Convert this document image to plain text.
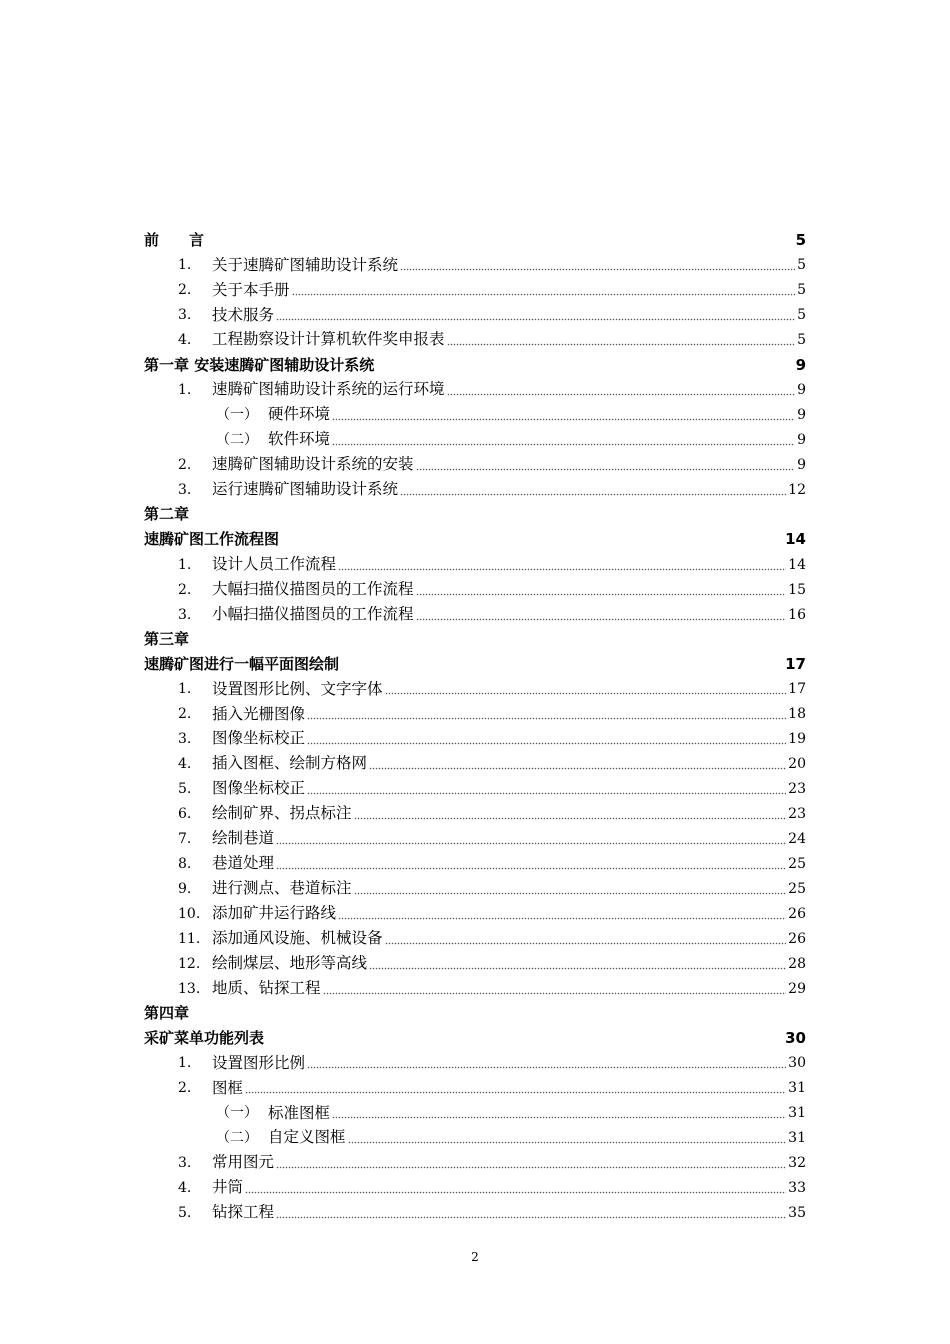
前　　言	5
1.	关于速腾矿图辅助设计系统	5
2.	关于本手册	5
3.	技术服务	5
4.	工程勘察设计计算机软件奖申报表	5
第一章 安装速腾矿图辅助设计系统	9
1.	速腾矿图辅助设计系统的运行环境	9
（一） 硬件环境	9
（二） 软件环境	9
2.	速腾矿图辅助设计系统的安装	9
3.	运行速腾矿图辅助设计系统	12
第二章
速腾矿图工作流程图	14
1.	设计人员工作流程	14
2.	大幅扫描仪描图员的工作流程	15
3.	小幅扫描仪描图员的工作流程	16
第三章
速腾矿图进行一幅平面图绘制	17
1.	设置图形比例、文字字体	17
2.	插入光栅图像	18
3.	图像坐标校正	19
4.	插入图框、绘制方格网	20
5.	图像坐标校正	23
6.	绘制矿界、拐点标注	23
7.	绘制巷道	24
8.	巷道处理	25
9.	进行测点、巷道标注	25
10. 添加矿井运行路线	26
11. 添加通风设施、机械设备	26
12. 绘制煤层、地形等高线	28
13. 地质、钻探工程	29
第四章
采矿菜单功能列表	30
1.	设置图形比例	30
2.	图框	31
（一） 标准图框	31
（二） 自定义图框	31
3.	常用图元	32
4.	井筒	33
5.	钻探工程	35
2
